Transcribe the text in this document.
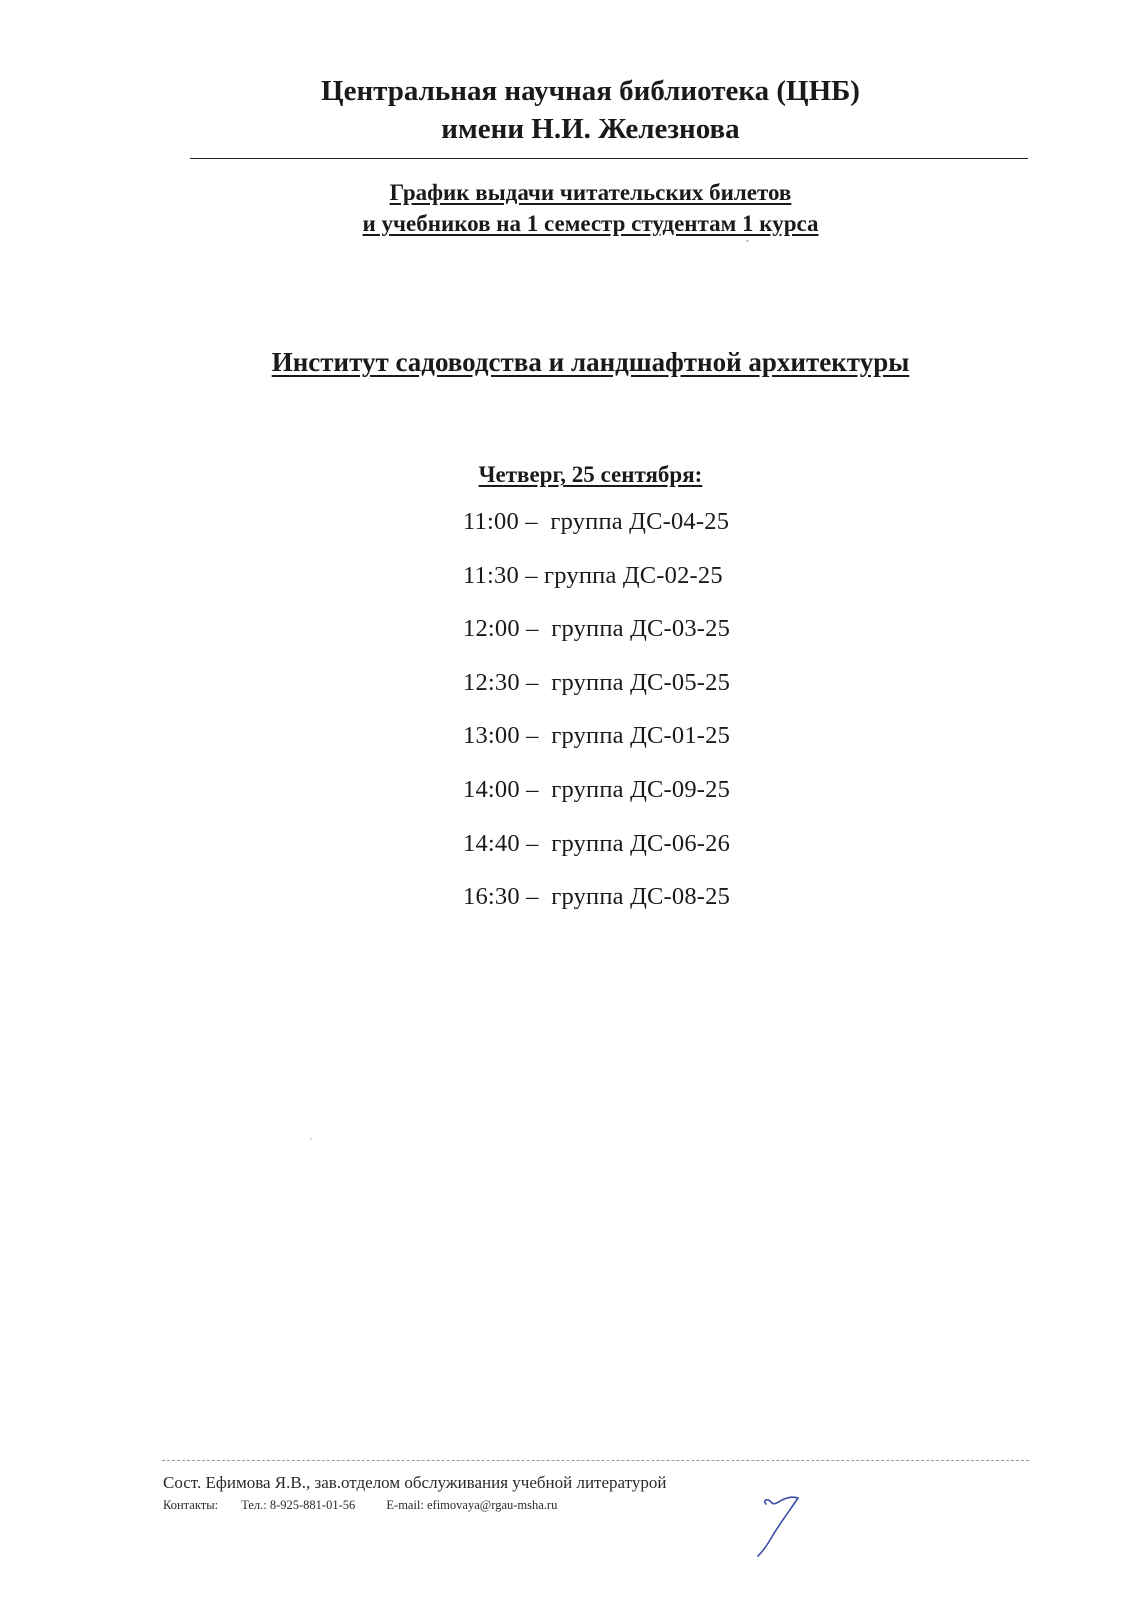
Центральная научная библиотека (ЦНБ)
имени Н.И. Железнова
График выдачи читательских билетов
и учебников на 1 семестр студентам 1 курса
Институт садоводства и ландшафтной архитектуры
Четверг, 25 сентября:
11:00 –  группа ДС-04-25
11:30 – группа ДС-02-25
12:00 –  группа ДС-03-25
12:30 –  группа ДС-05-25
13:00 –  группа ДС-01-25
14:00 –  группа ДС-09-25
14:40 –  группа ДС-06-26
16:30 –  группа ДС-08-25
Сост. Ефимова Я.В., зав.отделом обслуживания учебной литературой
Контакты: Тел.: 8-925-881-01-56 E-mail: efimovaya@rgau-msha.ru
